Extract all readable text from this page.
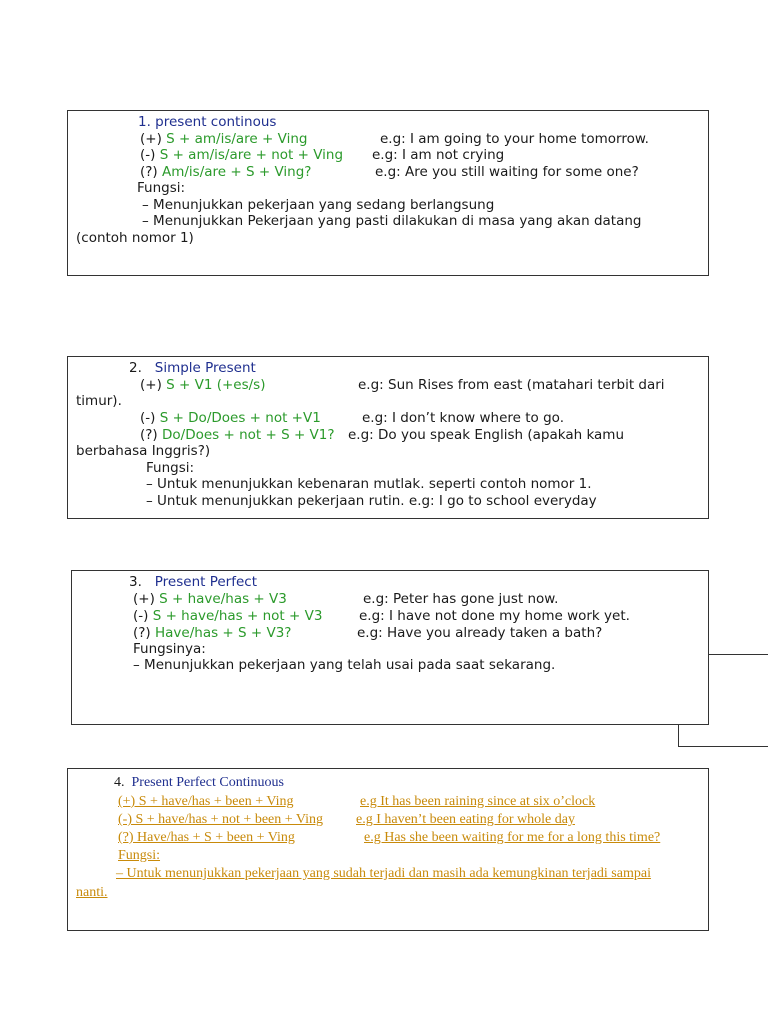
1. present continous
(+) S + am/is/are + Ving	e.g: I am going to your home tomorrow.
(-) S + am/is/are + not + Ving e.g: I am not crying
(?) Am/is/are + S + Ving?	e.g: Are you still waiting for some one?
Fungsi:
– Menunjukkan pekerjaan yang sedang berlangsung
– Menunjukkan Pekerjaan yang pasti dilakukan di masa yang akan datang
(contoh nomor 1)
2. Simple Present
(+) S + V1 (+es/s)	e.g: Sun Rises from east (matahari terbit dari
timur).
(-) S + Do/Does + not +V1	e.g: I don’t know where to go.
(?) Do/Does + not + S + V1? e.g: Do you speak English (apakah kamu
berbahasa Inggris?)
Fungsi:
– Untuk menunjukkan kebenaran mutlak. seperti contoh nomor 1.
– Untuk menunjukkan pekerjaan rutin. e.g: I go to school everyday
3. Present Perfect
(+) S + have/has + V3	e.g: Peter has gone just now.
(-) S + have/has + not + V3	e.g: I have not done my home work yet.
(?) Have/has + S + V3?	e.g: Have you already taken a bath?
Fungsinya:
– Menunjukkan pekerjaan yang telah usai pada saat sekarang.
4. Present Perfect Continuous
(+) S + have/has + been + Ving	e.g It has been raining since at six o’clock
(-) S + have/has + not + been + Ving e.g I haven’t been eating for whole day
(?) Have/has + S + been + Ving	e.g Has she been waiting for me for a long this time?
Fungsi:
– Untuk menunjukkan pekerjaan yang sudah terjadi dan masih ada kemungkinan terjadi sampai
nanti.
